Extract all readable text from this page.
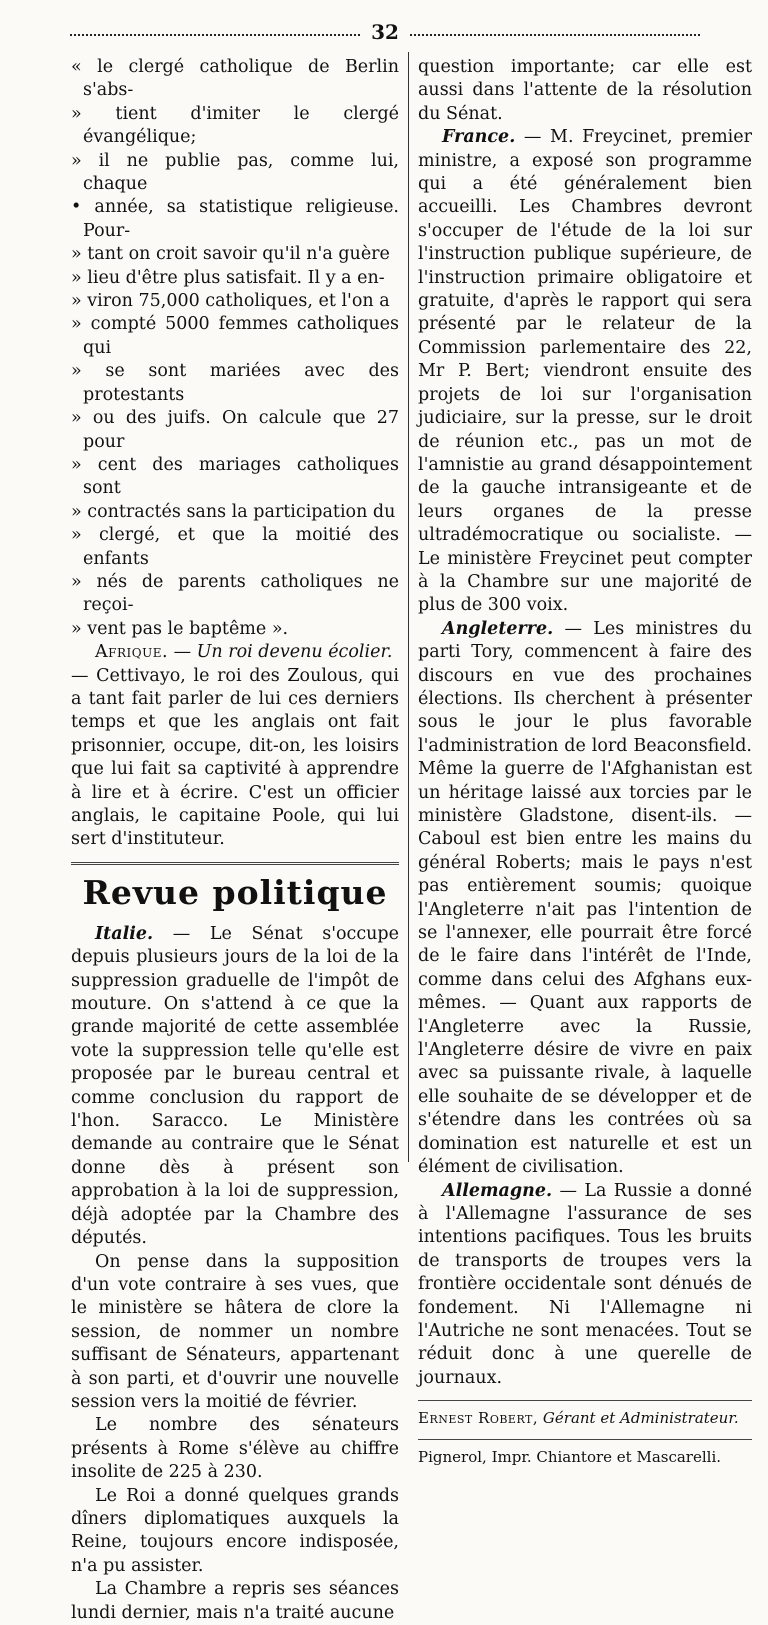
32

« le clergé catholique de Berlin s'abs-

» tient d'imiter le clergé évangélique;

» il ne publie pas, comme lui, chaque

• année, sa statistique religieuse. Pour-

» tant on croit savoir qu'il n'a guère

» lieu d'être plus satisfait. Il y a en-

» viron 75,000 catholiques, et l'on a

» compté 5000 femmes catholiques qui

» se sont mariées avec des protestants

» ou des juifs. On calcule que 27 pour

» cent des mariages catholiques sont

» contractés sans la participation du

» clergé, et que la moitié des enfants

» nés de parents catholiques ne reçoi-

» vent pas le baptême ».

Afrique. — Un roi devenu écolier.

— Cettivayo, le roi des Zoulous, qui a tant fait parler de lui ces derniers temps et que les anglais ont fait prisonnier, occupe, dit-on, les loisirs que lui fait sa captivité à apprendre à lire et à écrire. C'est un officier anglais, le capitaine Poole, qui lui sert d'instituteur.

Revue politique

Italie. — Le Sénat s'occupe depuis plusieurs jours de la loi de la suppression graduelle de l'impôt de mouture. On s'attend à ce que la grande majorité de cette assemblée vote la suppression telle qu'elle est proposée par le bureau central et comme conclusion du rapport de l'hon. Saracco. Le Ministère demande au contraire que le Sénat donne dès à présent son approbation à la loi de suppression, déjà adoptée par la Chambre des députés.

On pense dans la supposition d'un vote contraire à ses vues, que le ministère se hâtera de clore la session, de nommer un nombre suffisant de Sénateurs, appartenant à son parti, et d'ouvrir une nouvelle session vers la moitié de février.

Le nombre des sénateurs présents à Rome s'élève au chiffre insolite de 225 à 230.

Le Roi a donné quelques grands dîners diplomatiques auxquels la Reine, toujours encore indisposée, n'a pu assister.

La Chambre a repris ses séances lundi dernier, mais n'a traité aucune

question importante; car elle est aussi dans l'attente de la résolution du Sénat.

France. — M. Freycinet, premier ministre, a exposé son programme qui a été généralement bien accueilli. Les Chambres devront s'occuper de l'étude de la loi sur l'instruction publique supérieure, de l'instruction primaire obligatoire et gratuite, d'après le rapport qui sera présenté par le relateur de la Commission parlementaire des 22, Mr P. Bert; viendront ensuite des projets de loi sur l'organisation judiciaire, sur la presse, sur le droit de réunion etc., pas un mot de l'amnistie au grand désappointement de la gauche intransigeante et de leurs organes de la presse ultradémocratique ou socialiste. — Le ministère Freycinet peut compter à la Chambre sur une majorité de plus de 300 voix.

Angleterre. — Les ministres du parti Tory, commencent à faire des discours en vue des prochaines élections. Ils cherchent à présenter sous le jour le plus favorable l'administration de lord Beaconsfield. Même la guerre de l'Afghanistan est un héritage laissé aux torcies par le ministère Gladstone, disent-ils. — Caboul est bien entre les mains du général Roberts; mais le pays n'est pas entièrement soumis; quoique l'Angleterre n'ait pas l'intention de se l'annexer, elle pourrait être forcé de le faire dans l'intérêt de l'Inde, comme dans celui des Afghans eux-mêmes. — Quant aux rapports de l'Angleterre avec la Russie, l'Angleterre désire de vivre en paix avec sa puissante rivale, à laquelle elle souhaite de se développer et de s'étendre dans les contrées où sa domination est naturelle et est un élément de civilisation.

Allemagne. — La Russie a donné à l'Allemagne l'assurance de ses intentions pacifiques. Tous les bruits de transports de troupes vers la frontière occidentale sont dénués de fondement. Ni l'Allemagne ni l'Autriche ne sont menacées. Tout se réduit donc à une querelle de journaux.

Ernest Robert, Gérant et Administrateur.

Pignerol, Impr. Chiantore et Mascarelli.
